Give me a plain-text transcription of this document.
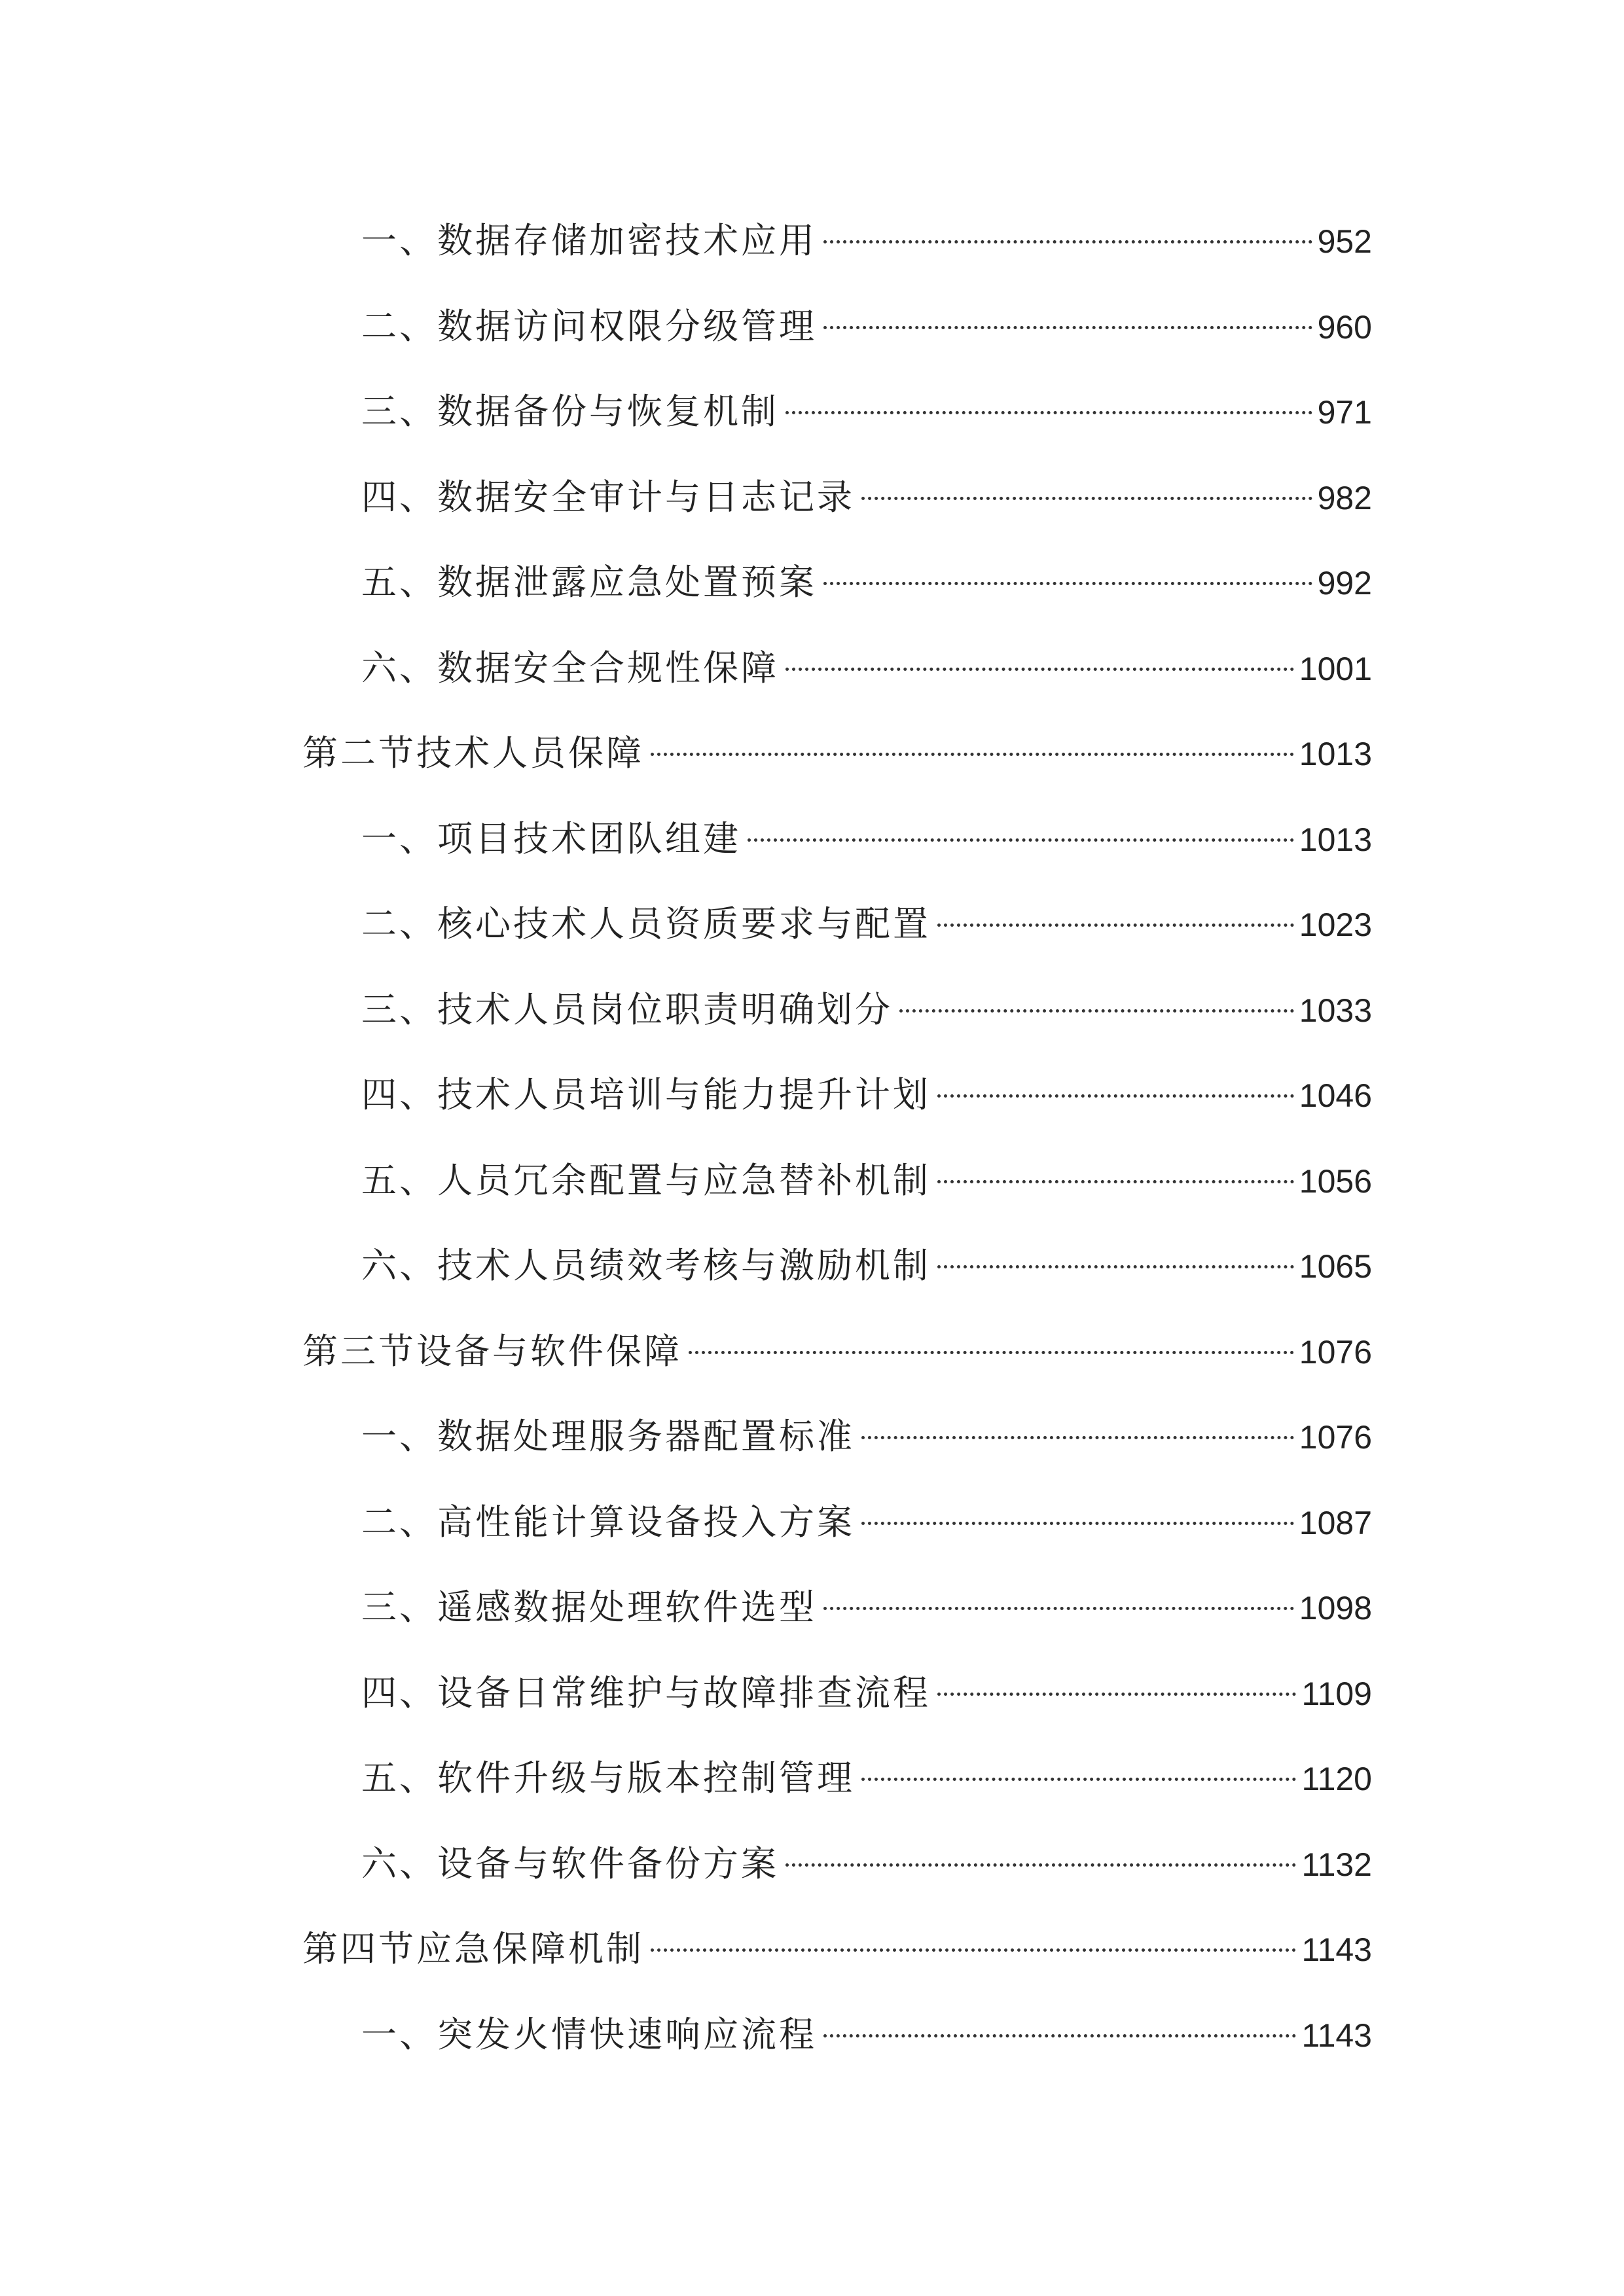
一、数据存储加密技术应用	952
二、数据访问权限分级管理	960
三、数据备份与恢复机制	971
四、数据安全审计与日志记录	982
五、数据泄露应急处置预案	992
六、数据安全合规性保障	1001
第二节技术人员保障	1013
一、项目技术团队组建	1013
二、核心技术人员资质要求与配置	1023
三、技术人员岗位职责明确划分	1033
四、技术人员培训与能力提升计划	1046
五、人员冗余配置与应急替补机制	1056
六、技术人员绩效考核与激励机制	1065
第三节设备与软件保障	1076
一、数据处理服务器配置标准	1076
二、高性能计算设备投入方案	1087
三、遥感数据处理软件选型	1098
四、设备日常维护与故障排查流程	1109
五、软件升级与版本控制管理	1120
六、设备与软件备份方案	1132
第四节应急保障机制	1143
一、突发火情快速响应流程	1143
